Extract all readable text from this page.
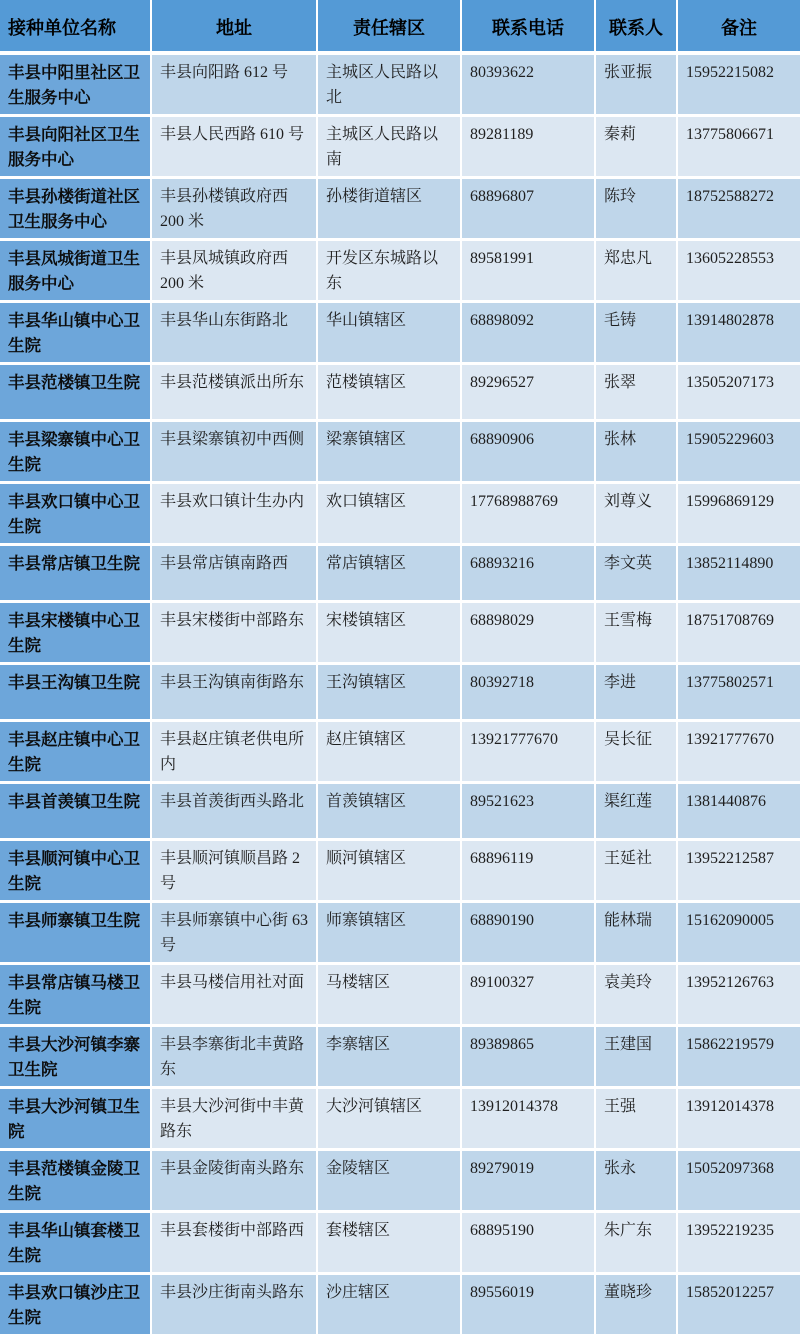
接种单位名称	地址	责任辖区	联系电话	联系人	备注
丰县中阳里社区卫生服务中心	丰县向阳路 612 号	主城区人民路以北	80393622	张亚振	15952215082
丰县向阳社区卫生服务中心	丰县人民西路 610 号	主城区人民路以南	89281189	秦莉	13775806671
丰县孙楼街道社区卫生服务中心	丰县孙楼镇政府西 200 米	孙楼街道辖区	68896807	陈玲	18752588272
丰县凤城街道卫生服务中心	丰县凤城镇政府西 200 米	开发区东城路以东	89581991	郑忠凡	13605228553
丰县华山镇中心卫生院	丰县华山东街路北	华山镇辖区	68898092	毛铸	13914802878
丰县范楼镇卫生院	丰县范楼镇派出所东	范楼镇辖区	89296527	张翠	13505207173
丰县梁寨镇中心卫生院	丰县梁寨镇初中西侧	梁寨镇辖区	68890906	张林	15905229603
丰县欢口镇中心卫生院	丰县欢口镇计生办内	欢口镇辖区	17768988769	刘尊义	15996869129
丰县常店镇卫生院	丰县常店镇南路西	常店镇辖区	68893216	李文英	13852114890
丰县宋楼镇中心卫生院	丰县宋楼街中部路东	宋楼镇辖区	68898029	王雪梅	18751708769
丰县王沟镇卫生院	丰县王沟镇南街路东	王沟镇辖区	80392718	李进	13775802571
丰县赵庄镇中心卫生院	丰县赵庄镇老供电所内	赵庄镇辖区	13921777670	吴长征	13921777670
丰县首羡镇卫生院	丰县首羡街西头路北	首羡镇辖区	89521623	渠红莲	1381440876
丰县顺河镇中心卫生院	丰县顺河镇顺昌路 2 号	顺河镇辖区	68896119	王延社	13952212587
丰县师寨镇卫生院	丰县师寨镇中心街 63 号	师寨镇辖区	68890190	能林瑞	15162090005
丰县常店镇马楼卫生院	丰县马楼信用社对面	马楼辖区	89100327	袁美玲	13952126763
丰县大沙河镇李寨卫生院	丰县李寨街北丰黄路东	李寨辖区	89389865	王建国	15862219579
丰县大沙河镇卫生院	丰县大沙河街中丰黄路东	大沙河镇辖区	13912014378	王强	13912014378
丰县范楼镇金陵卫生院	丰县金陵街南头路东	金陵辖区	89279019	张永	15052097368
丰县华山镇套楼卫生院	丰县套楼街中部路西	套楼辖区	68895190	朱广东	13952219235
丰县欢口镇沙庄卫生院	丰县沙庄街南头路东	沙庄辖区	89556019	董晓珍	15852012257
